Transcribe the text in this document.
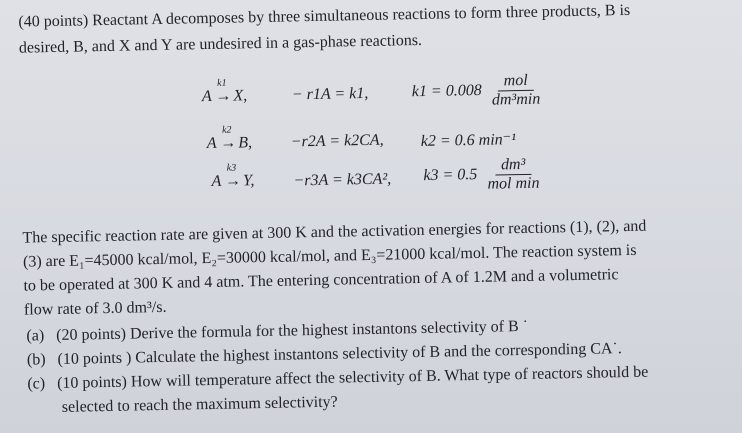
(40 points) Reactant A decomposes by three simultaneous reactions to form three products, B is
desired, B, and X and Y are undesired in a gas-phase reactions.
A →
k1
X,	− r1A = k1,	$k1 = 0.008 \frac{\text{mol}}{\text{dm³min}}$
A →
k2
B, −r2A = k2CA, k2 = 0.6 min⁻¹
A →
k3
Y, −r3A = k3CA², $k3 = 0.5 \frac{\text{dm³}}{\text{mol min}}$
The specific reaction rate are given at 300 K and the activation energies for reactions (1), (2), and
(3) are E₁=45000 kcal/mol, E₂=30000 kcal/mol, and E₃=21000 kcal/mol. The reaction system is
to be operated at 300 K and 4 atm. The entering concentration of A of 1.2M and a volumetric
flow rate of 3.0 dm³/s.
(a) (20 points) Derive the formula for the highest instantons selectivity of B ˙
(b) (10 points ) Calculate the highest instantons selectivity of B and the corresponding CA˙.
(c) (10 points) How will temperature affect the selectivity of B. What type of reactors should be
selected to reach the maximum selectivity?
